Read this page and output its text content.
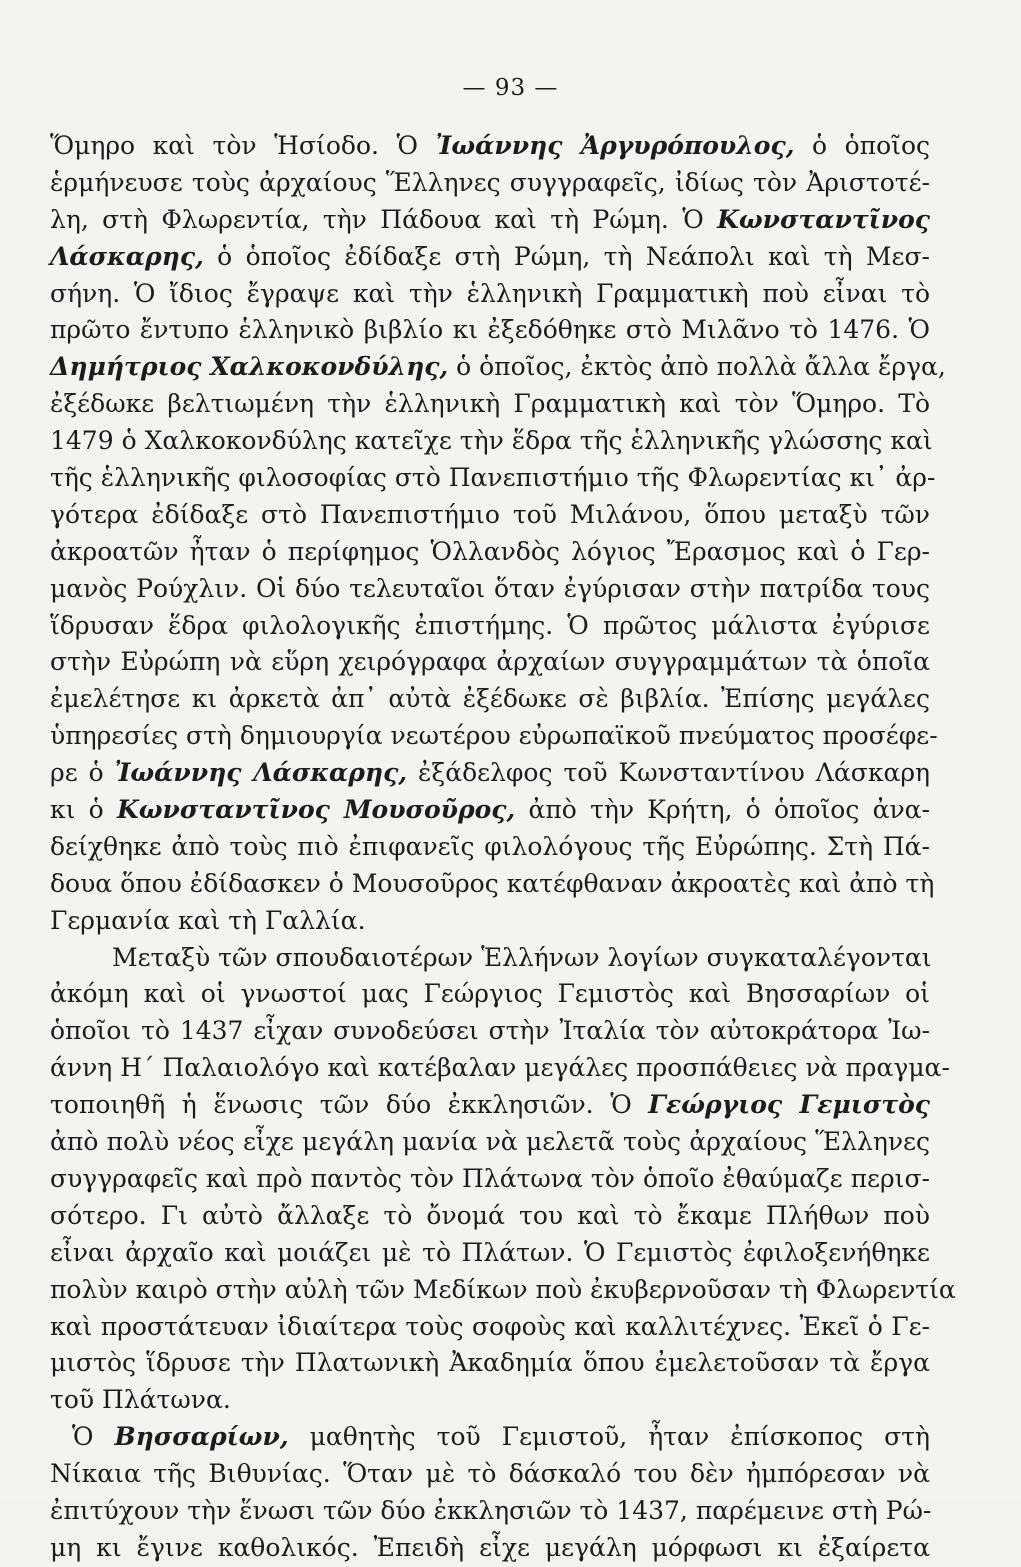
— 93 —
Ὅμηρο καὶ τὸν Ἡσίοδο. Ὁ Ἰωάννης Ἀργυρόπουλος, ὁ ὁποῖος
ἑρμήνευσε τοὺς ἀρχαίους Ἕλληνες συγγραφεῖς, ἰδίως τὸν Ἀριστοτέ-
λη, στὴ Φλωρεντία, τὴν Πάδουα καὶ τὴ Ρώμη. Ὁ Κωνσταντῖνος
Λάσκαρης, ὁ ὁποῖος ἐδίδαξε στὴ Ρώμη, τὴ Νεάπολι καὶ τὴ Μεσ-
σήνη. Ὁ ἴδιος ἔγραψε καὶ τὴν ἑλληνικὴ Γραμματικὴ ποὺ εἶναι τὸ
πρῶτο ἔντυπο ἑλληνικὸ βιβλίο κι ἐξεδόθηκε στὸ Μιλᾶνο τὸ 1476. Ὁ
Δημήτριος Χαλκοκονδύλης, ὁ ὁποῖος, ἐκτὸς ἀπὸ πολλὰ ἄλλα ἔργα,
ἐξέδωκε βελτιωμένη τὴν ἑλληνικὴ Γραμματικὴ καὶ τὸν Ὅμηρο. Τὸ
1479 ὁ Χαλκοκονδύλης κατεῖχε τὴν ἕδρα τῆς ἑλληνικῆς γλώσσης καὶ
τῆς ἑλληνικῆς φιλοσοφίας στὸ Πανεπιστήμιο τῆς Φλωρεντίας κι᾿ ἀρ-
γότερα ἐδίδαξε στὸ Πανεπιστήμιο τοῦ Μιλάνου, ὅπου μεταξὺ τῶν
ἀκροατῶν ἦταν ὁ περίφημος Ὁλλανδὸς λόγιος Ἔρασμος καὶ ὁ Γερ-
μανὸς Ρούχλιν. Οἱ δύο τελευταῖοι ὅταν ἐγύρισαν στὴν πατρίδα τους
ἵδρυσαν ἕδρα φιλολογικῆς ἐπιστήμης. Ὁ πρῶτος μάλιστα ἐγύρισε
στὴν Εὐρώπη νὰ εὕρη χειρόγραφα ἀρχαίων συγγραμμάτων τὰ ὁποῖα
ἐμελέτησε κι ἀρκετὰ ἀπ᾿ αὐτὰ ἐξέδωκε σὲ βιβλία. Ἐπίσης μεγάλες
ὑπηρεσίες στὴ δημιουργία νεωτέρου εὐρωπαϊκοῦ πνεύματος προσέφε-
ρε ὁ Ἰωάννης Λάσκαρης, ἐξάδελφος τοῦ Κωνσταντίνου Λάσκαρη
κι ὁ Κωνσταντῖνος Μουσοῦρος, ἀπὸ τὴν Κρήτη, ὁ ὁποῖος ἀνα-
δείχθηκε ἀπὸ τοὺς πιὸ ἐπιφανεῖς φιλολόγους τῆς Εὐρώπης. Στὴ Πά-
δουα ὅπου ἐδίδασκεν ὁ Μουσοῦρος κατέφθαναν ἀκροατὲς καὶ ἀπὸ τὴ
Γερμανία καὶ τὴ Γαλλία.
Μεταξὺ τῶν σπουδαιοτέρων Ἑλλήνων λογίων συγκαταλέγονται
ἀκόμη καὶ οἱ γνωστοί μας Γεώργιος Γεμιστὸς καὶ Βησσαρίων οἱ
ὁποῖοι τὸ 1437 εἶχαν συνοδεύσει στὴν Ἰταλία τὸν αὐτοκράτορα Ἰω-
άννη Η΄ Παλαιολόγο καὶ κατέβαλαν μεγάλες προσπάθειες νὰ πραγμα-
τοποιηθῆ ἡ ἕνωσις τῶν δύο ἐκκλησιῶν. Ὁ Γεώργιος Γεμιστὸς
ἀπὸ πολὺ νέος εἶχε μεγάλη μανία νὰ μελετᾶ τοὺς ἀρχαίους Ἕλληνες
συγγραφεῖς καὶ πρὸ παντὸς τὸν Πλάτωνα τὸν ὁποῖο ἐθαύμαζε περισ-
σότερο. Γι αὐτὸ ἄλλαξε τὸ ὄνομά του καὶ τὸ ἔκαμε Πλήθων ποὺ
εἶναι ἀρχαῖο καὶ μοιάζει μὲ τὸ Πλάτων. Ὁ Γεμιστὸς ἐφιλοξενήθηκε
πολὺν καιρὸ στὴν αὐλὴ τῶν Μεδίκων ποὺ ἐκυβερνοῦσαν τὴ Φλωρεντία
καὶ προστάτευαν ἰδιαίτερα τοὺς σοφοὺς καὶ καλλιτέχνες. Ἐκεῖ ὁ Γε-
μιστὸς ἵδρυσε τὴν Πλατωνικὴ Ἀκαδημία ὅπου ἐμελετοῦσαν τὰ ἔργα
τοῦ Πλάτωνα.
Ὁ Βησσαρίων, μαθητὴς τοῦ Γεμιστοῦ, ἦταν ἐπίσκοπος στὴ
Νίκαια τῆς Βιθυνίας. Ὅταν μὲ τὸ δάσκαλό του δὲν ἠμπόρεσαν νὰ
ἐπιτύχουν τὴν ἕνωσι τῶν δύο ἐκκλησιῶν τὸ 1437, παρέμεινε στὴ Ρώ-
μη κι ἔγινε καθολικός. Ἐπειδὴ εἶχε μεγάλη μόρφωσι κι ἐξαίρετα
